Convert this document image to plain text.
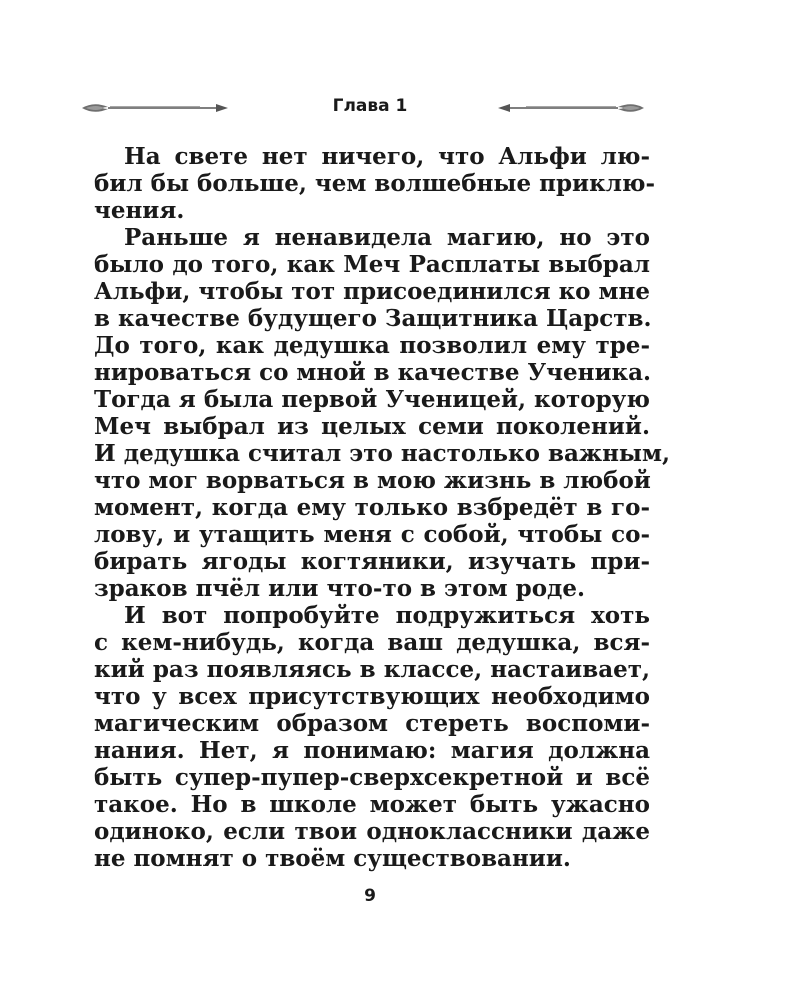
Глава 1
На свете нет ничего, что Альфи лю-
бил бы больше, чем волшебные приклю-
чения.
Раньше я ненавидела магию, но это
было до того, как Меч Расплаты выбрал
Альфи, чтобы тот присоединился ко мне
в качестве будущего Защитника Царств.
До того, как дедушка позволил ему тре-
нироваться со мной в качестве Ученика.
Тогда я была первой Ученицей, которую
Меч выбрал из целых семи поколений.
И дедушка считал это настолько важным,
что мог ворваться в мою жизнь в любой
момент, когда ему только взбредёт в го-
лову, и утащить меня с собой, чтобы со-
бирать ягоды когтяники, изучать при-
зраков пчёл или что-то в этом роде.
И вот попробуйте подружиться хоть
с кем-нибудь, когда ваш дедушка, вся-
кий раз появляясь в классе, настаивает,
что у всех присутствующих необходимо
магическим образом стереть воспоми-
нания. Нет, я понимаю: магия должна
быть супер-пупер-сверхсекретной и всё
такое. Но в школе может быть ужасно
одиноко, если твои одноклассники даже
не помнят о твоём существовании.
9
